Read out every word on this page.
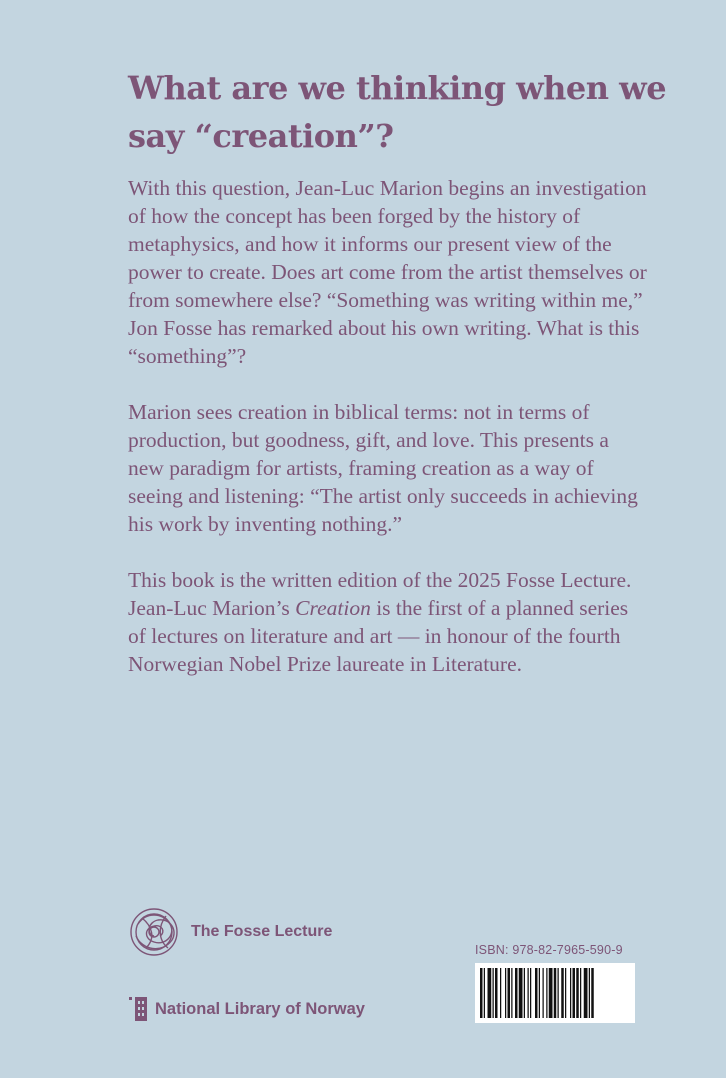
What are we thinking when we say “creation”?

With this question, Jean-Luc Marion begins an investigation of how the concept has been forged by the history of metaphysics, and how it informs our present view of the power to create. Does art come from the artist themselves or from somewhere else? “Something was writing within me,” Jon Fosse has remarked about his own writing. What is this “something”?

Marion sees creation in biblical terms: not in terms of production, but goodness, gift, and love. This presents a new paradigm for artists, framing creation as a way of seeing and listening: “The artist only succeeds in achieving his work by inventing nothing.”

This book is the written edition of the 2025 Fosse Lecture. Jean-Luc Marion’s Creation is the first of a planned series of lectures on literature and art — in honour of the fourth Norwegian Nobel Prize laureate in Literature.

The Fosse Lecture
National Library of Norway
ISBN: 978-82-7965-590-9
